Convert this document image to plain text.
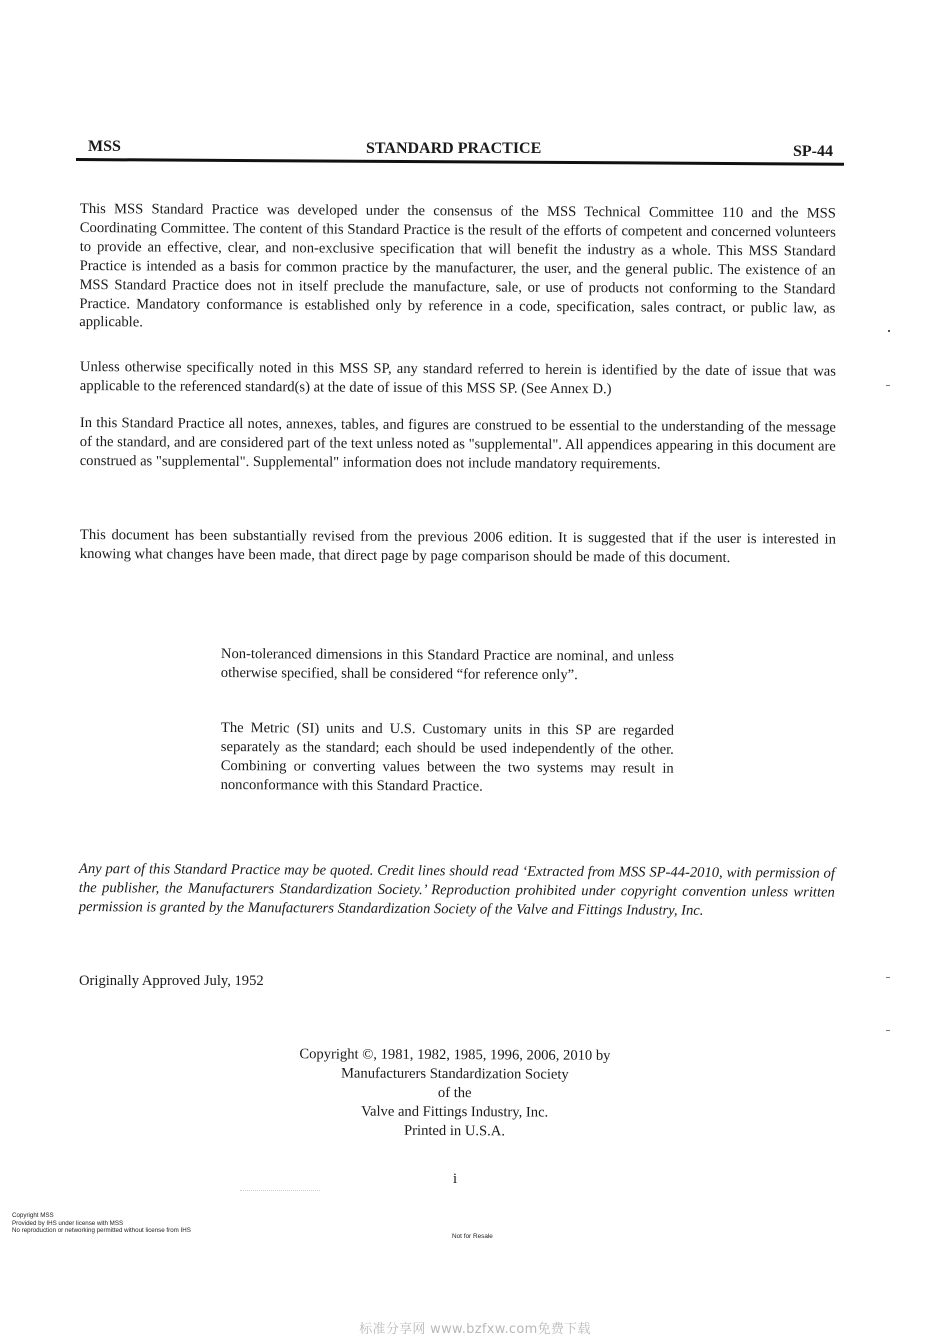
MSS	STANDARD PRACTICE	SP-44
This MSS Standard Practice was developed under the consensus of the MSS Technical Committee 110 and the MSS Coordinating Committee. The content of this Standard Practice is the result of the efforts of competent and concerned volunteers to provide an effective, clear, and non-exclusive specification that will benefit the industry as a whole. This MSS Standard Practice is intended as a basis for common practice by the manufacturer, the user, and the general public. The existence of an MSS Standard Practice does not in itself preclude the manufacture, sale, or use of products not conforming to the Standard Practice. Mandatory conformance is established only by reference in a code, specification, sales contract, or public law, as applicable.
Unless otherwise specifically noted in this MSS SP, any standard referred to herein is identified by the date of issue that was applicable to the referenced standard(s) at the date of issue of this MSS SP. (See Annex D.)
In this Standard Practice all notes, annexes, tables, and figures are construed to be essential to the understanding of the message of the standard, and are considered part of the text unless noted as "supplemental". All appendices appearing in this document are construed as "supplemental". Supplemental" information does not include mandatory requirements.
This document has been substantially revised from the previous 2006 edition. It is suggested that if the user is interested in knowing what changes have been made, that direct page by page comparison should be made of this document.
Non-toleranced dimensions in this Standard Practice are nominal, and unless otherwise specified, shall be considered “for reference only”.
The Metric (SI) units and U.S. Customary units in this SP are regarded separately as the standard; each should be used independently of the other. Combining or converting values between the two systems may result in nonconformance with this Standard Practice.
Any part of this Standard Practice may be quoted. Credit lines should read ‘Extracted from MSS SP-44-2010, with permission of the publisher, the Manufacturers Standardization Society.’ Reproduction prohibited under copyright convention unless written permission is granted by the Manufacturers Standardization Society of the Valve and Fittings Industry, Inc.
Originally Approved July, 1952
Copyright ©, 1981, 1982, 1985, 1996, 2006, 2010 by
Manufacturers Standardization Society
of the
Valve and Fittings Industry, Inc.
Printed in U.S.A.
i
Copyright MSS
Provided by IHS under license with MSS
No reproduction or networking permitted without license from IHS
Not for Resale
标准分享网 www.bzfxw.com免费下载
